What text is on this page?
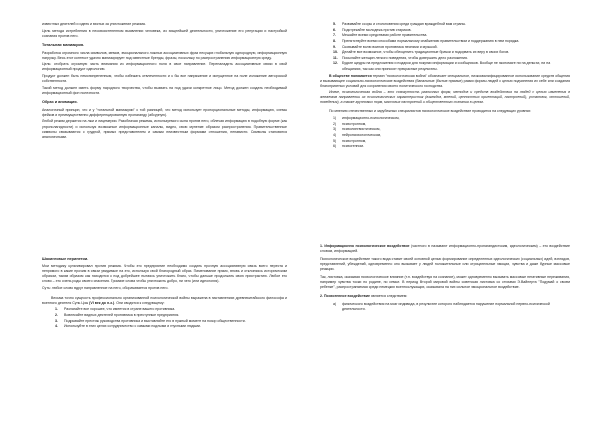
известных деятелей и идеек и взятых за уничтожение режима.

Цель метода истребления в неосвоястененном выявлении человека, из хищнейшей деятельности, уничтожение его репутации и настройкой сознания против него.

Тотальная маниакрия.

Разработка огромного числа символов, мемов, эмоционального ложных ассоциативных фраз несущих глобальную однородную, информационную нагрузку. Весь этот контекст удачно маниакрирует под известные бренды, фразы, поскольку по распространению информационную среду.

Цель: отобрать огромную часть внимания из информационного поля в свое направление. Переналадить ассоциативные связи в свой информационный продукт идеологию.

Продукт должен быть немонипрененным, чтобы избежать отвлеченности и к бы все напряжение и испущенное на поле изложение автороской собственности.

Такой метод должен иметь форму народного творчества, чтобы вызвать на под удачи конкретное лицо. Метод должен создать необходимый информационный фон полезности.

Образ и анимация.

Аналогичный принцип, что и у "тотальной маниакрии" с той разницей, что метод использует пропорциональные методы, информацию, схемы фейков и преимущественно дифференцированную пропаганду (абсурную).

Любой режим держится на лжи и лицемерии. Разоблачая режимы, используемого сына против него, облечая информацию в подобную форме (как упрополагидности) и используя возможные информационные каналы, видео, свою мунение образом распространения. Правительственные символы связываются с грудной, прямых представителем и самым неизвестным формами отношения, ненависти. Символы становятся аналогичными.

Шокинговые перипетии.

Мои методику культивировал против режима. Чтобы это предприятие необходимо создать прочную ассоциативную связь всего нереста и непрямого в какие прочим в связи увидимые на это, используя свой благородный образ. Пименование прямо, вновь и отклоняясь историческим образом, таким образом как находится к под добрейшее пытаясь уничтожить благо, чтобы дальше продолжать свою пристрастию. Любое его слово – это очень роды своего спасения. Громкие слова чтобы уничтожить добро, ни чего (или идеология).

Суть: любое слово вдруг направленное на него, оборачивается против него.

Весьма точно сущность профессионально организованной психологической войны выражена в наставлениях древнекитайского философа и военного деятеля Сунь Цзы (VI век до н.э.). Они сводятся к следующему:

1. Разлагайте все хорошее, что имеется в стране вашего противника.
2. Вовлекайте видных деятелей противника в преступные предприятия.
3. Подрывайте престиж руководства противника и выставляйте его в нужный момент на позор общественности.
4. Используйте в этих целях сотрудничество с самыми подлыми и гнусными людьми.
5. Развивайте ссоры и столкновения среди граждан враждебной вам страны.
6. Подстрекайте молодежь против стариков.
7. Мешайте всеми средствами работе правительства.
8. Препятствуйте всеми способами нормальному снабжению правительством и поддержанию в нем порядка.
9. Сковывайте волю воинов противника песнями и музыкой.
10. Делайте все возможное, чтобы обесценить традиционные брачки и подорвать их веру в своих богов.
11. Посылайте женщин легкого поведения, чтобы довершить дело разложения.
12. Будьте щедры на предложения и подарки для покупки информации и сообщников. Вообще не экономьте ни на деньгах, ни на обещаниях, так как они приносят прекрасные результаты.

В обществе понимается термин "психологическая война" обозначает специальное, низкоквалифицированное использование средств общения и вызывающее социально-психологические воздействия (банальные (бытые прямые) рамки формы людей с целью подчинения их себе или создания благоприятных условий для сохранения своего политического господства.

Иначе, психологическая война – это совокупность различных форм, методов и средств воздействия на людей с целью изменения в желаемом направлении их психологических характеристик (взглядов, мнений, ценностных ориентаций, настроений), установок, отношений, поведения), а также групповых норм, массовых настроений и общественного сознания в целом.

По мнению отечественных и зарубежных специалистов психологическое воздействие проводится на следующих уровнях:

1) информационно-психологическом,
2) психотропном,
3) психолингвистическом,
4) нейропсихологическом,
5) психотронном,
6) психогенном.

1. Информационно психологическое воздействие (частного в называют информационно-пропагандистским, идеологическим) – это воздействие словом, информацией.

Психологическое воздействие такого вида ставит своей основной целью формирование определенных идеологических (социальных) идей, взглядов, представлений, убеждений, одновременно оно вызывает у людей положительные или отрицательные эмоции, чувства и даже бурные массовые реакции.

Так, листовка, оказывая психологическое влияние (т.н. воздействуя на сознание), может одновременно вызывать массовые негативные переживания, например чувства тоски по родине, по семье. В период Второй мировой войны советская листовка со стихами Э.Вайнерта "Подумай о своем ребенке", распространяемая среди немецких военнослужащих, оказывала на них сильное эмоциональное воздействие.

2. Психогенное воздействие является следствием:

а) физического воздействия на мозг индивида, в результате которого наблюдается нарушение нормальной нервно-психической деятельности.
